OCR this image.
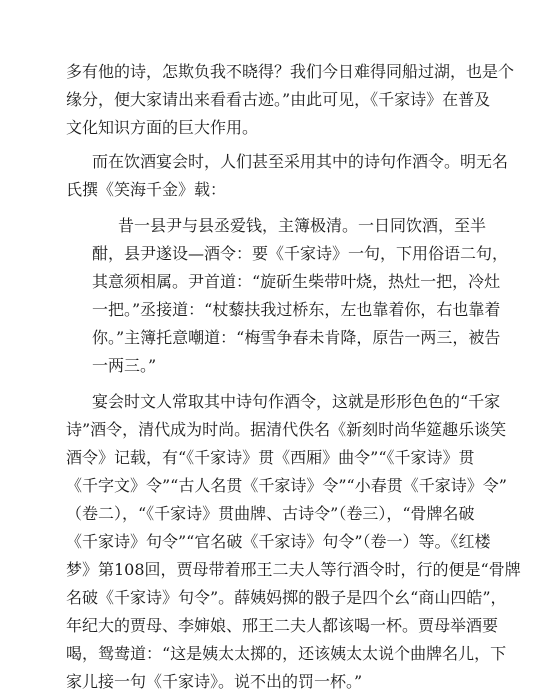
多有他的诗，怎欺负我不晓得？我们今日难得同船过湖，也是个
缘分，便大家请出来看看古迹。”由此可见，《千家诗》在普及
文化知识方面的巨大作用。
而在饮酒宴会时，人们甚至采用其中的诗句作酒令。明无名
氏撰《笑海千金》载：
昔一县尹与县丞爱钱，主簿极清。一日同饮酒，至半
酣，县尹遂设—酒令：要《千家诗》一句，下用俗语二句，
其意须相属。尹首道：“旋斫生柴带叶烧，热灶一把，冷灶
一把。”丞接道：“杖藜扶我过桥东，左也靠着你，右也靠着
你。”主簿托意嘲道：“梅雪争春未肯降，原告一两三，被告
一两三。”
宴会时文人常取其中诗句作酒令，这就是形形色色的“千家
诗”酒令，清代成为时尚。据清代佚名《新刻时尚华筵趣乐谈笑
酒令》记载，有“《千家诗》贯《西厢》曲令”“《千家诗》贯
《千字文》令”“古人名贯《千家诗》令”“小春贯《千家诗》令”
（卷二），“《千家诗》贯曲牌、古诗令”（卷三），“骨牌名破
《千家诗》句令”“官名破《千家诗》句令”（卷一）等。《红楼
梦》第108回，贾母带着邢王二夫人等行酒令时，行的便是“骨牌
名破《千家诗》句令”。薛姨妈掷的骰子是四个幺“商山四皓”，
年纪大的贾母、李婶娘、邢王二夫人都该喝一杯。贾母举酒要
喝，鸳鸯道：“这是姨太太掷的，还该姨太太说个曲牌名儿，下
家儿接一句《千家诗》。说不出的罚一杯。”
